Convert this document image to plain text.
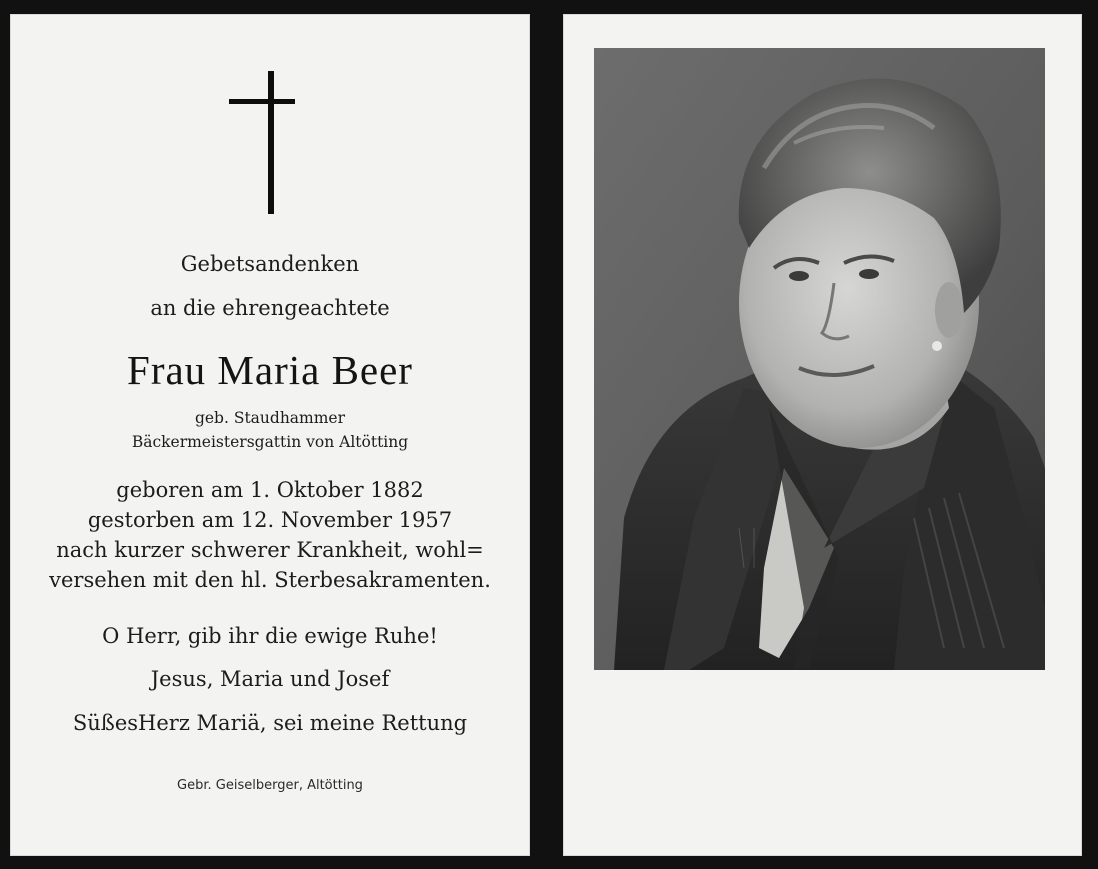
Gebetsandenken
an die ehrengeachtete
Frau Maria Beer
geb. Staudhammer
Bäckermeistersgattin von Altötting
geboren am 1. Oktober 1882
gestorben am 12. November 1957
nach kurzer schwerer Krankheit, wohl=
versehen mit den hl. Sterbesakramenten.
O Herr, gib ihr die ewige Ruhe!
Jesus, Maria und Josef
SüßesHerz Mariä, sei meine Rettung
Gebr. Geiselberger, Altötting
